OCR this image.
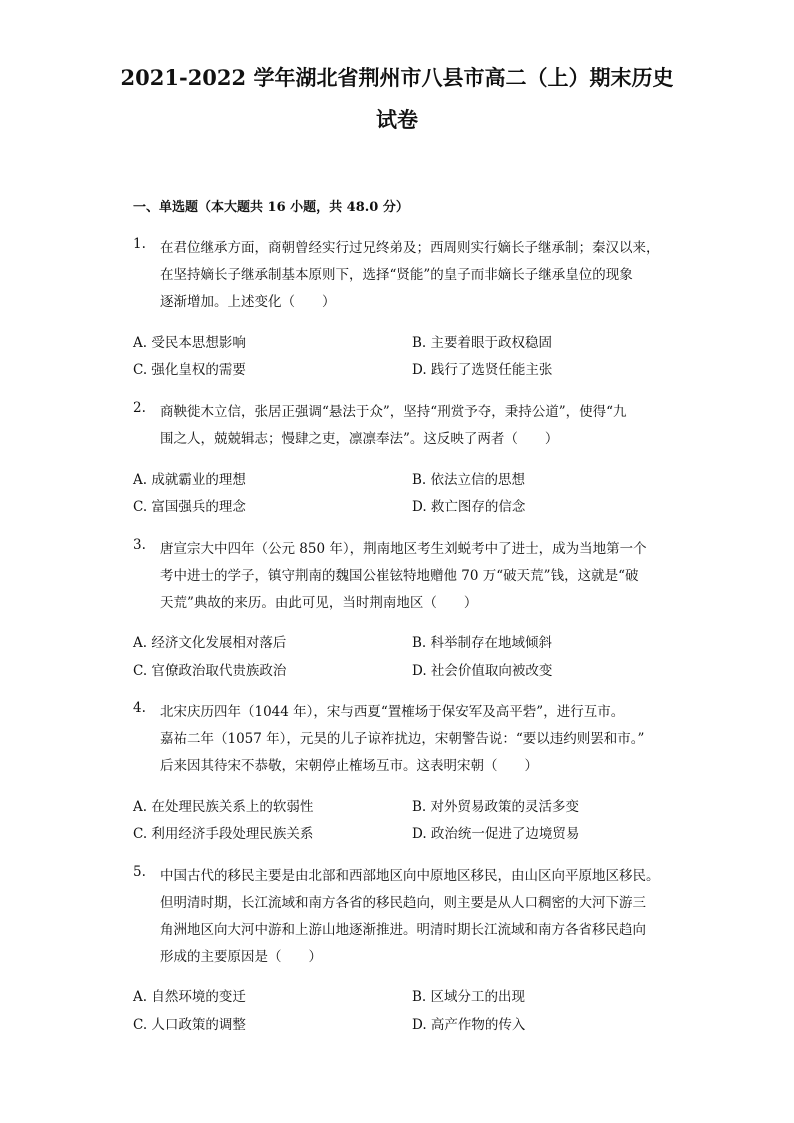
2021-2022 学年湖北省荆州市八县市高二（上）期末历史
试卷
一、单选题（本大题共 16 小题，共 48.0 分）
1. 在君位继承方面，商朝曾经实行过兄终弟及；西周则实行嫡长子继承制；秦汉以来，
在坚持嫡长子继承制基本原则下，选择“贤能”的皇子而非嫡长子继承皇位的现象
逐渐增加。上述变化（　　）
A. 受民本思想影响	B. 主要着眼于政权稳固
C. 强化皇权的需要	D. 践行了选贤任能主张
2. 商鞅徙木立信，张居正强调“悬法于众”，坚持“刑赏予夺，秉持公道”，使得“九
围之人，兢兢辑志；慢肆之吏，凛凛奉法”。这反映了两者（　　）
A. 成就霸业的理想	B. 依法立信的思想
C. 富国强兵的理念	D. 救亡图存的信念
3. 唐宣宗大中四年（公元 850 年），荆南地区考生刘蜕考中了进士，成为当地第一个
考中进士的学子，镇守荆南的魏国公崔铉特地赠他 70 万“破天荒”钱，这就是“破
天荒”典故的来历。由此可见，当时荆南地区（　　）
A. 经济文化发展相对落后	B. 科举制存在地域倾斜
C. 官僚政治取代贵族政治	D. 社会价值取向被改变
4. 北宋庆历四年（1044 年），宋与西夏“置榷场于保安军及高平砦”，进行互市。
嘉祐二年（1057 年），元昊的儿子谅祚扰边，宋朝警告说：“要以违约则罢和市。”
后来因其待宋不恭敬，宋朝停止榷场互市。这表明宋朝（　　）
A. 在处理民族关系上的软弱性	B. 对外贸易政策的灵活多变
C. 利用经济手段处理民族关系	D. 政治统一促进了边境贸易
5. 中国古代的移民主要是由北部和西部地区向中原地区移民，由山区向平原地区移民。
但明清时期，长江流域和南方各省的移民趋向，则主要是从人口稠密的大河下游三
角洲地区向大河中游和上游山地逐渐推进。明清时期长江流域和南方各省移民趋向
形成的主要原因是（　　）
A. 自然环境的变迁	B. 区域分工的出现
C. 人口政策的调整	D. 高产作物的传入
